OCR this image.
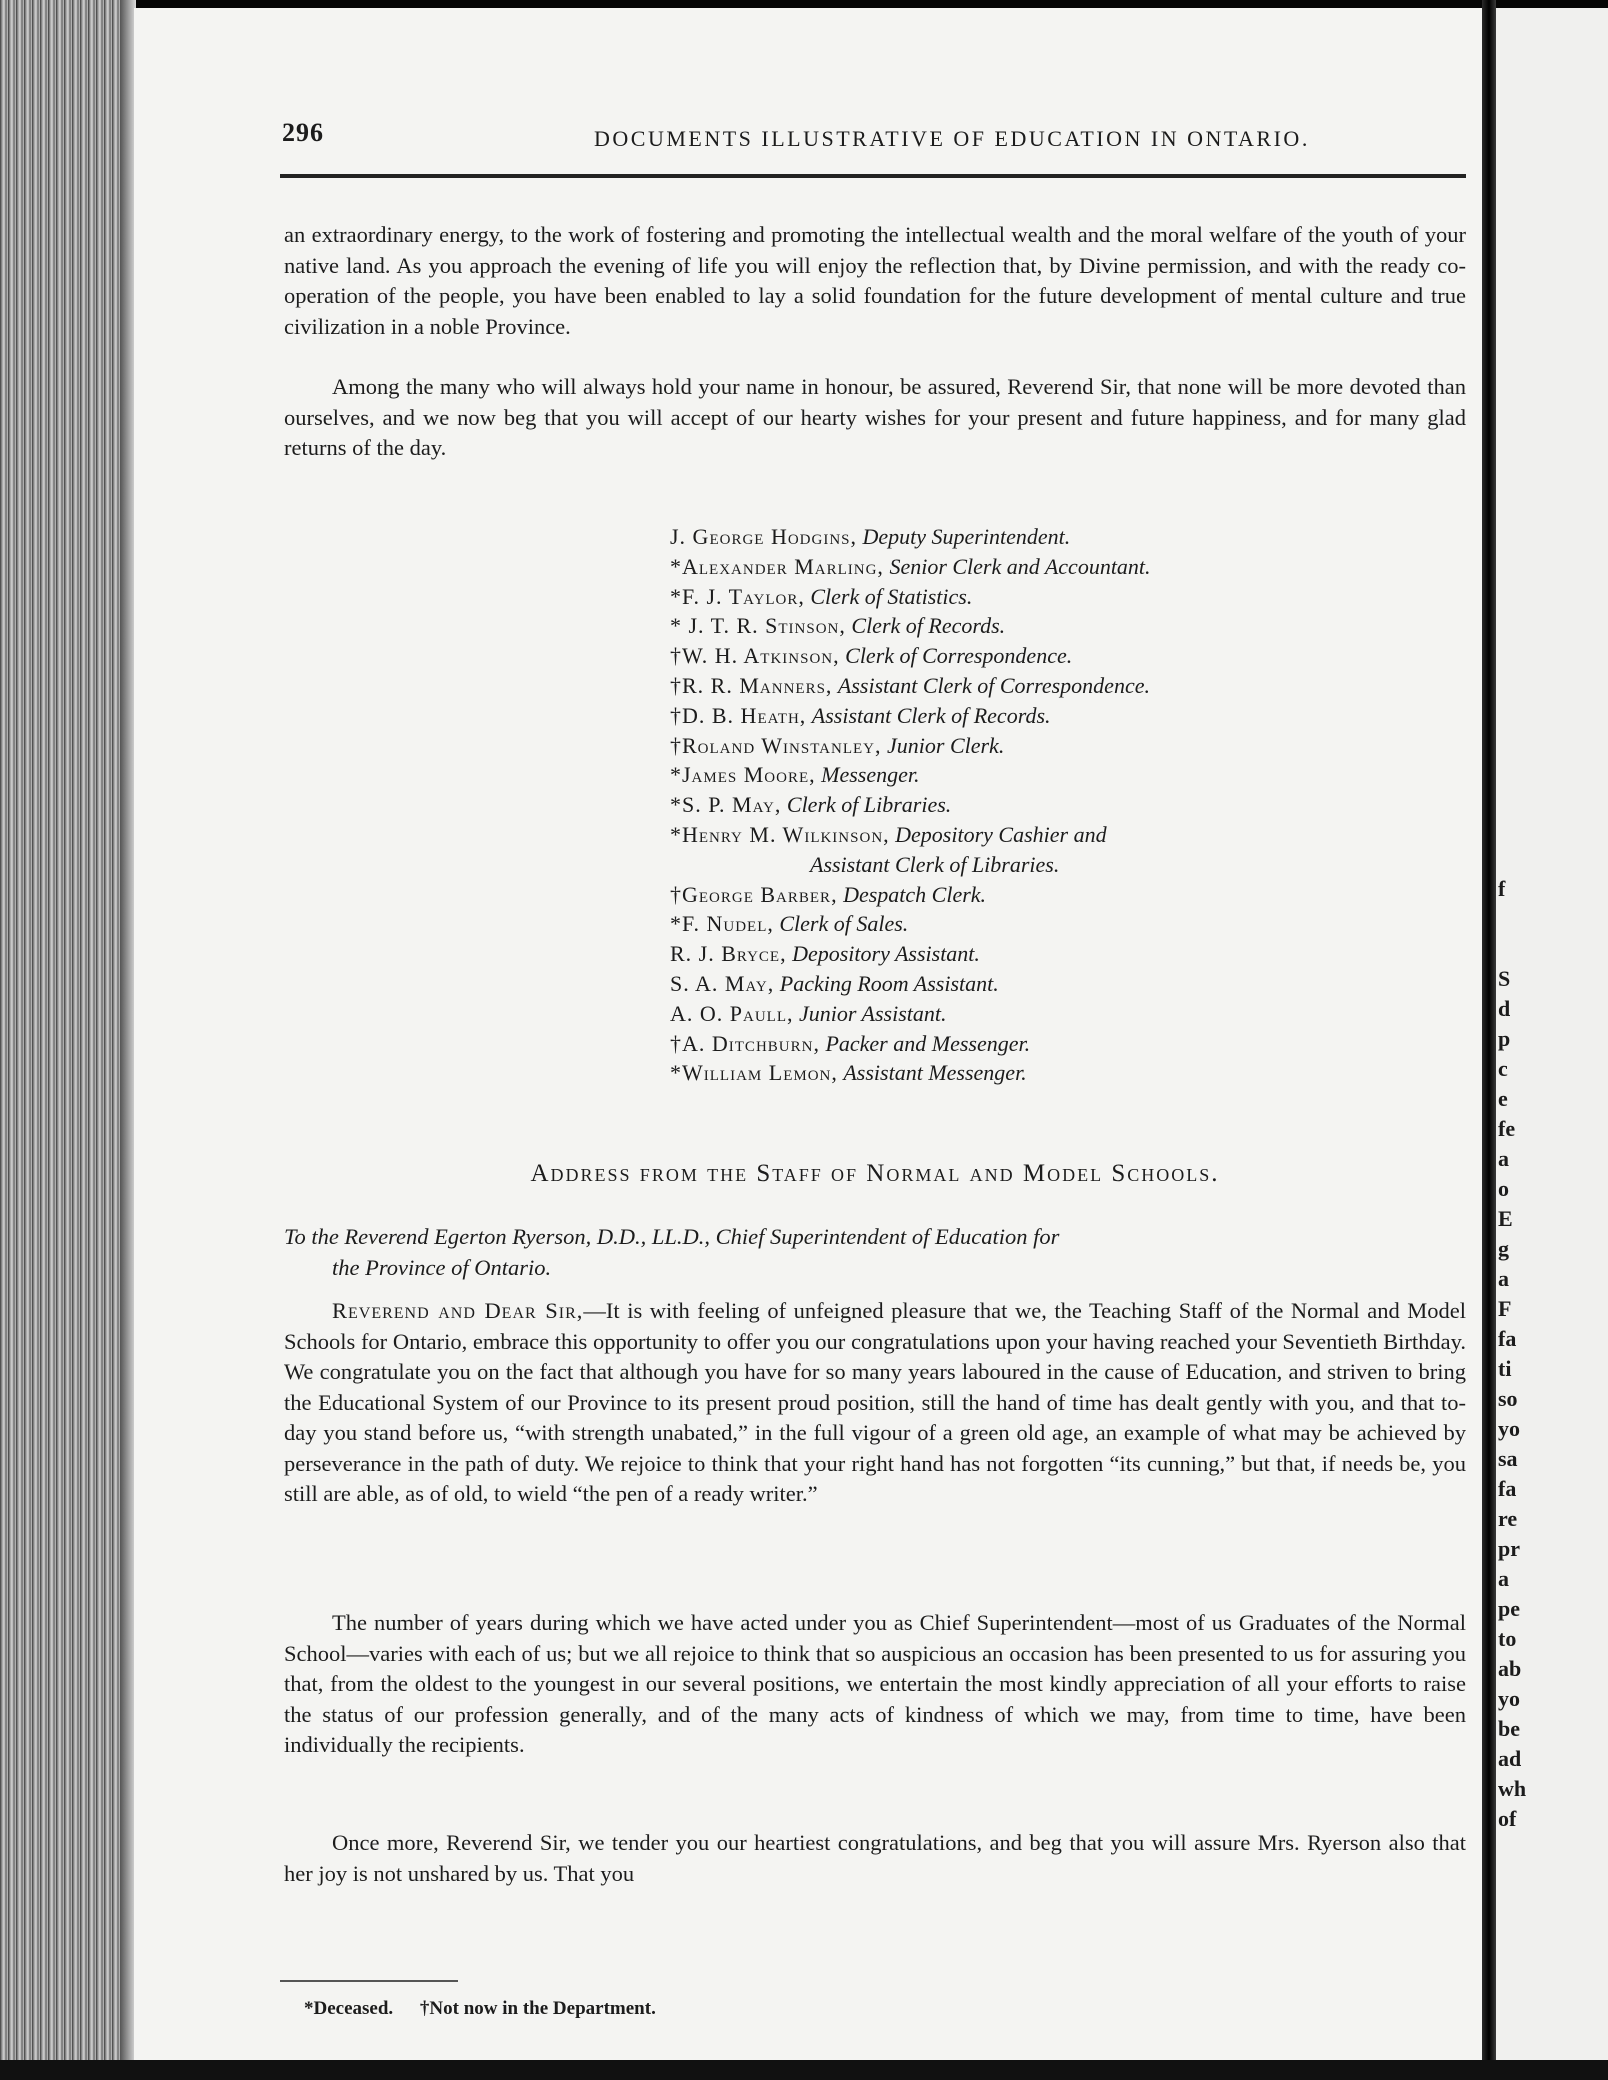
296	DOCUMENTS ILLUSTRATIVE OF EDUCATION IN ONTARIO.

an extraordinary energy, to the work of fostering and promoting the intellectual wealth and the moral welfare of the youth of your native land. As you approach the evening of life you will enjoy the reflection that, by Divine permission, and with the ready co-operation of the people, you have been enabled to lay a solid foundation for the future development of mental culture and true civilization in a noble Province.

Among the many who will always hold your name in honour, be assured, Reverend Sir, that none will be more devoted than ourselves, and we now beg that you will accept of our hearty wishes for your present and future happiness, and for many glad returns of the day.

J. George Hodgins, Deputy Superintendent.
*Alexander Marling, Senior Clerk and Accountant.
*F. J. Taylor, Clerk of Statistics.
* J. T. R. Stinson, Clerk of Records.
†W. H. Atkinson, Clerk of Correspondence.
†R. R. Manners, Assistant Clerk of Correspondence.
†D. B. Heath, Assistant Clerk of Records.
†Roland Winstanley, Junior Clerk.
*James Moore, Messenger.
*S. P. May, Clerk of Libraries.
*Henry M. Wilkinson, Depository Cashier and
Assistant Clerk of Libraries.
†George Barber, Despatch Clerk.
*F. Nudel, Clerk of Sales.
R. J. Bryce, Depository Assistant.
S. A. May, Packing Room Assistant.
A. O. Paull, Junior Assistant.
†A. Ditchburn, Packer and Messenger.
*William Lemon, Assistant Messenger.
Address from the Staff of Normal and Model Schools.

To the Reverend Egerton Ryerson, D.D., LL.D., Chief Superintendent of Education for
the Province of Ontario.

Reverend and Dear Sir,—It is with feeling of unfeigned pleasure that we, the Teaching Staff of the Normal and Model Schools for Ontario, embrace this opportunity to offer you our congratulations upon your having reached your Seventieth Birthday. We congratulate you on the fact that although you have for so many years laboured in the cause of Education, and striven to bring the Educational System of our Province to its present proud position, still the hand of time has dealt gently with you, and that to-day you stand before us, “with strength unabated,” in the full vigour of a green old age, an example of what may be achieved by perseverance in the path of duty. We rejoice to think that your right hand has not forgotten “its cunning,” but that, if needs be, you still are able, as of old, to wield “the pen of a ready writer.”

The number of years during which we have acted under you as Chief Superintendent—most of us Graduates of the Normal School—varies with each of us; but we all rejoice to think that so auspicious an occasion has been presented to us for assuring you that, from the oldest to the youngest in our several positions, we entertain the most kindly appreciation of all your efforts to raise the status of our profession generally, and of the many acts of kindness of which we may, from time to time, have been individually the recipients.

Once more, Reverend Sir, we tender you our heartiest congratulations, and beg that you will assure Mrs. Ryerson also that her joy is not unshared by us. That you

*Deceased. †Not now in the Department.
f
S
d
p
c
e
fe
a
o
E
g
a
F
fa
ti
so
yo
sa
fa
re
pr
a
pe
to
ab
yo
be
ad
wh
of
